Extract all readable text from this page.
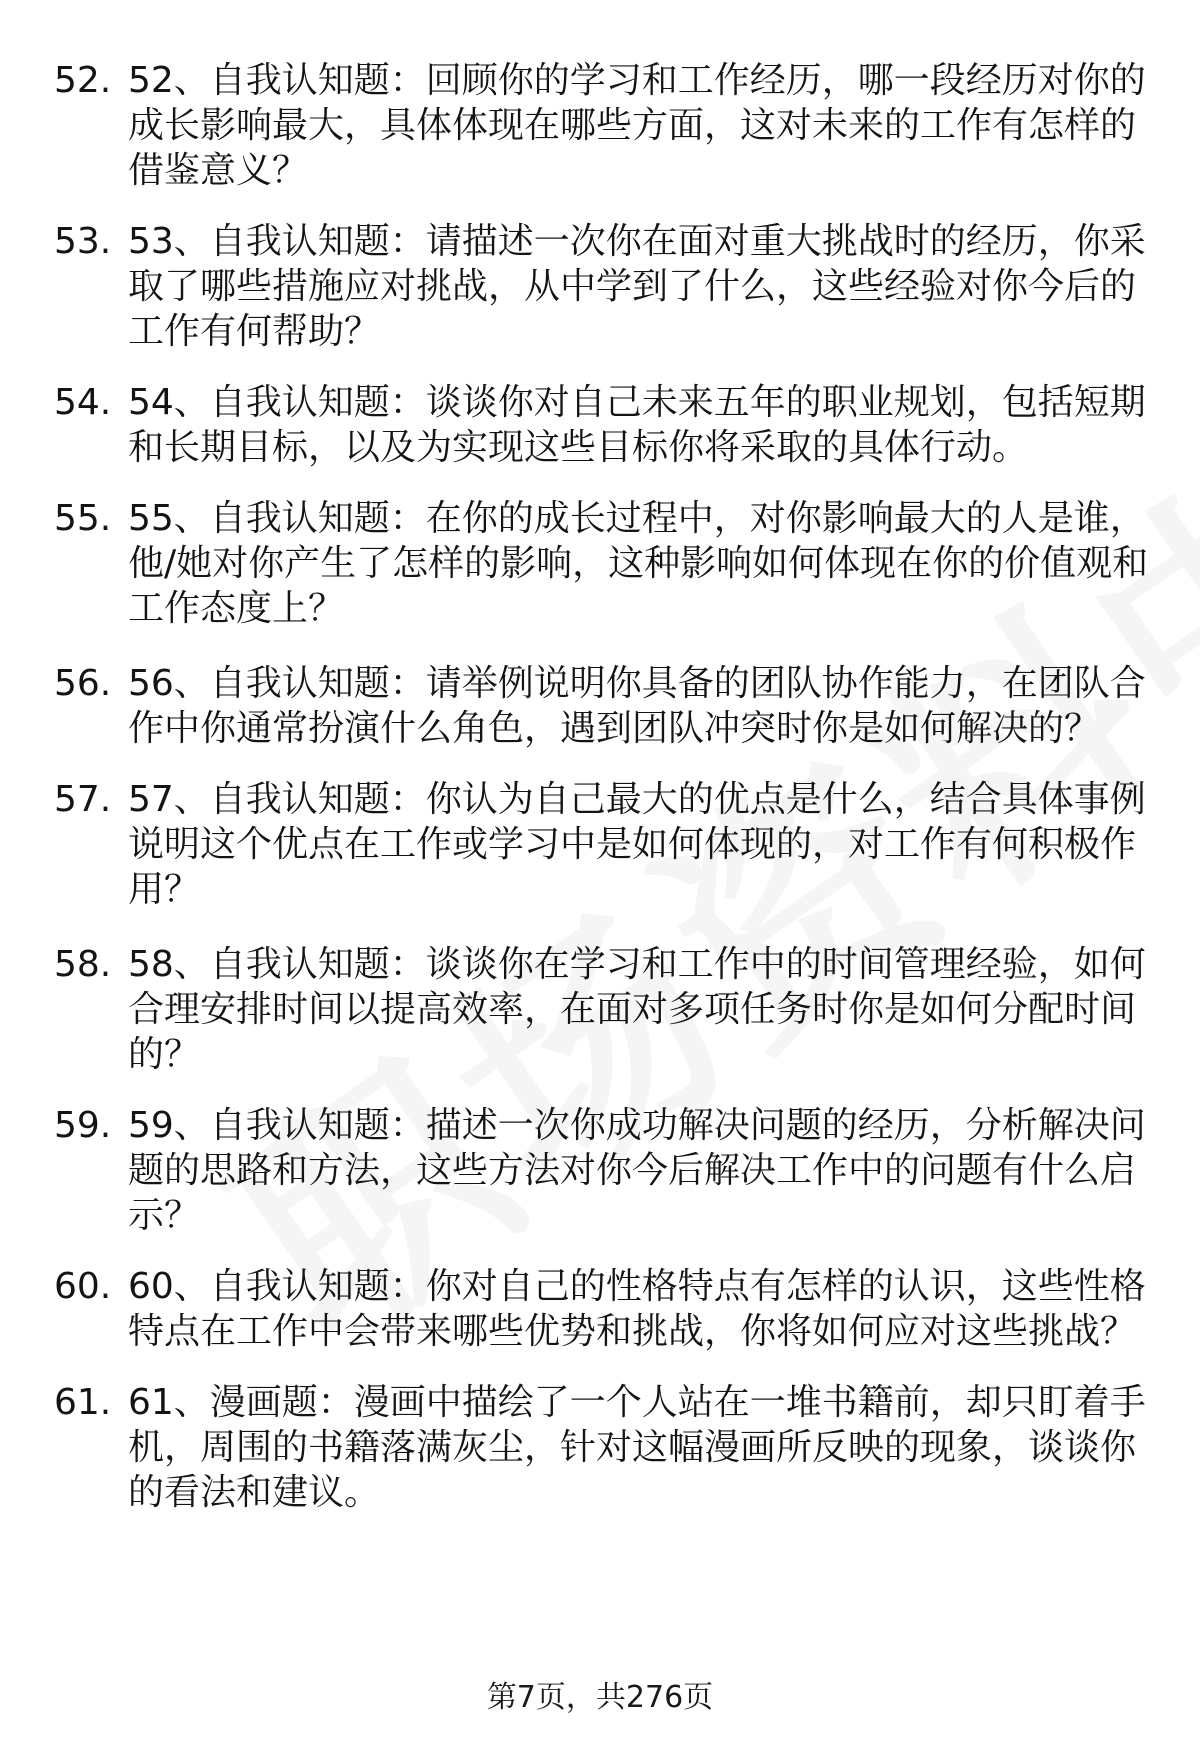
52. 52、自我认知题：回顾你的学习和工作经历，哪一段经历对你的成长影响最大，具体体现在哪些方面，这对未来的工作有怎样的借鉴意义？
53. 53、自我认知题：请描述一次你在面对重大挑战时的经历，你采取了哪些措施应对挑战，从中学到了什么，这些经验对你今后的工作有何帮助？
54. 54、自我认知题：谈谈你对自己未来五年的职业规划，包括短期和长期目标，以及为实现这些目标你将采取的具体行动。
55. 55、自我认知题：在你的成长过程中，对你影响最大的人是谁，他/她对你产生了怎样的影响，这种影响如何体现在你的价值观和工作态度上？
56. 56、自我认知题：请举例说明你具备的团队协作能力，在团队合作中你通常扮演什么角色，遇到团队冲突时你是如何解决的？
57. 57、自我认知题：你认为自己最大的优点是什么，结合具体事例说明这个优点在工作或学习中是如何体现的，对工作有何积极作用？
58. 58、自我认知题：谈谈你在学习和工作中的时间管理经验，如何合理安排时间以提高效率，在面对多项任务时你是如何分配时间的？
59. 59、自我认知题：描述一次你成功解决问题的经历，分析解决问题的思路和方法，这些方法对你今后解决工作中的问题有什么启示？
60. 60、自我认知题：你对自己的性格特点有怎样的认识，这些性格特点在工作中会带来哪些优势和挑战，你将如何应对这些挑战？
61. 61、漫画题：漫画中描绘了一个人站在一堆书籍前，却只盯着手机，周围的书籍落满灰尘，针对这幅漫画所反映的现象，谈谈你的看法和建议。
第7页，共276页
